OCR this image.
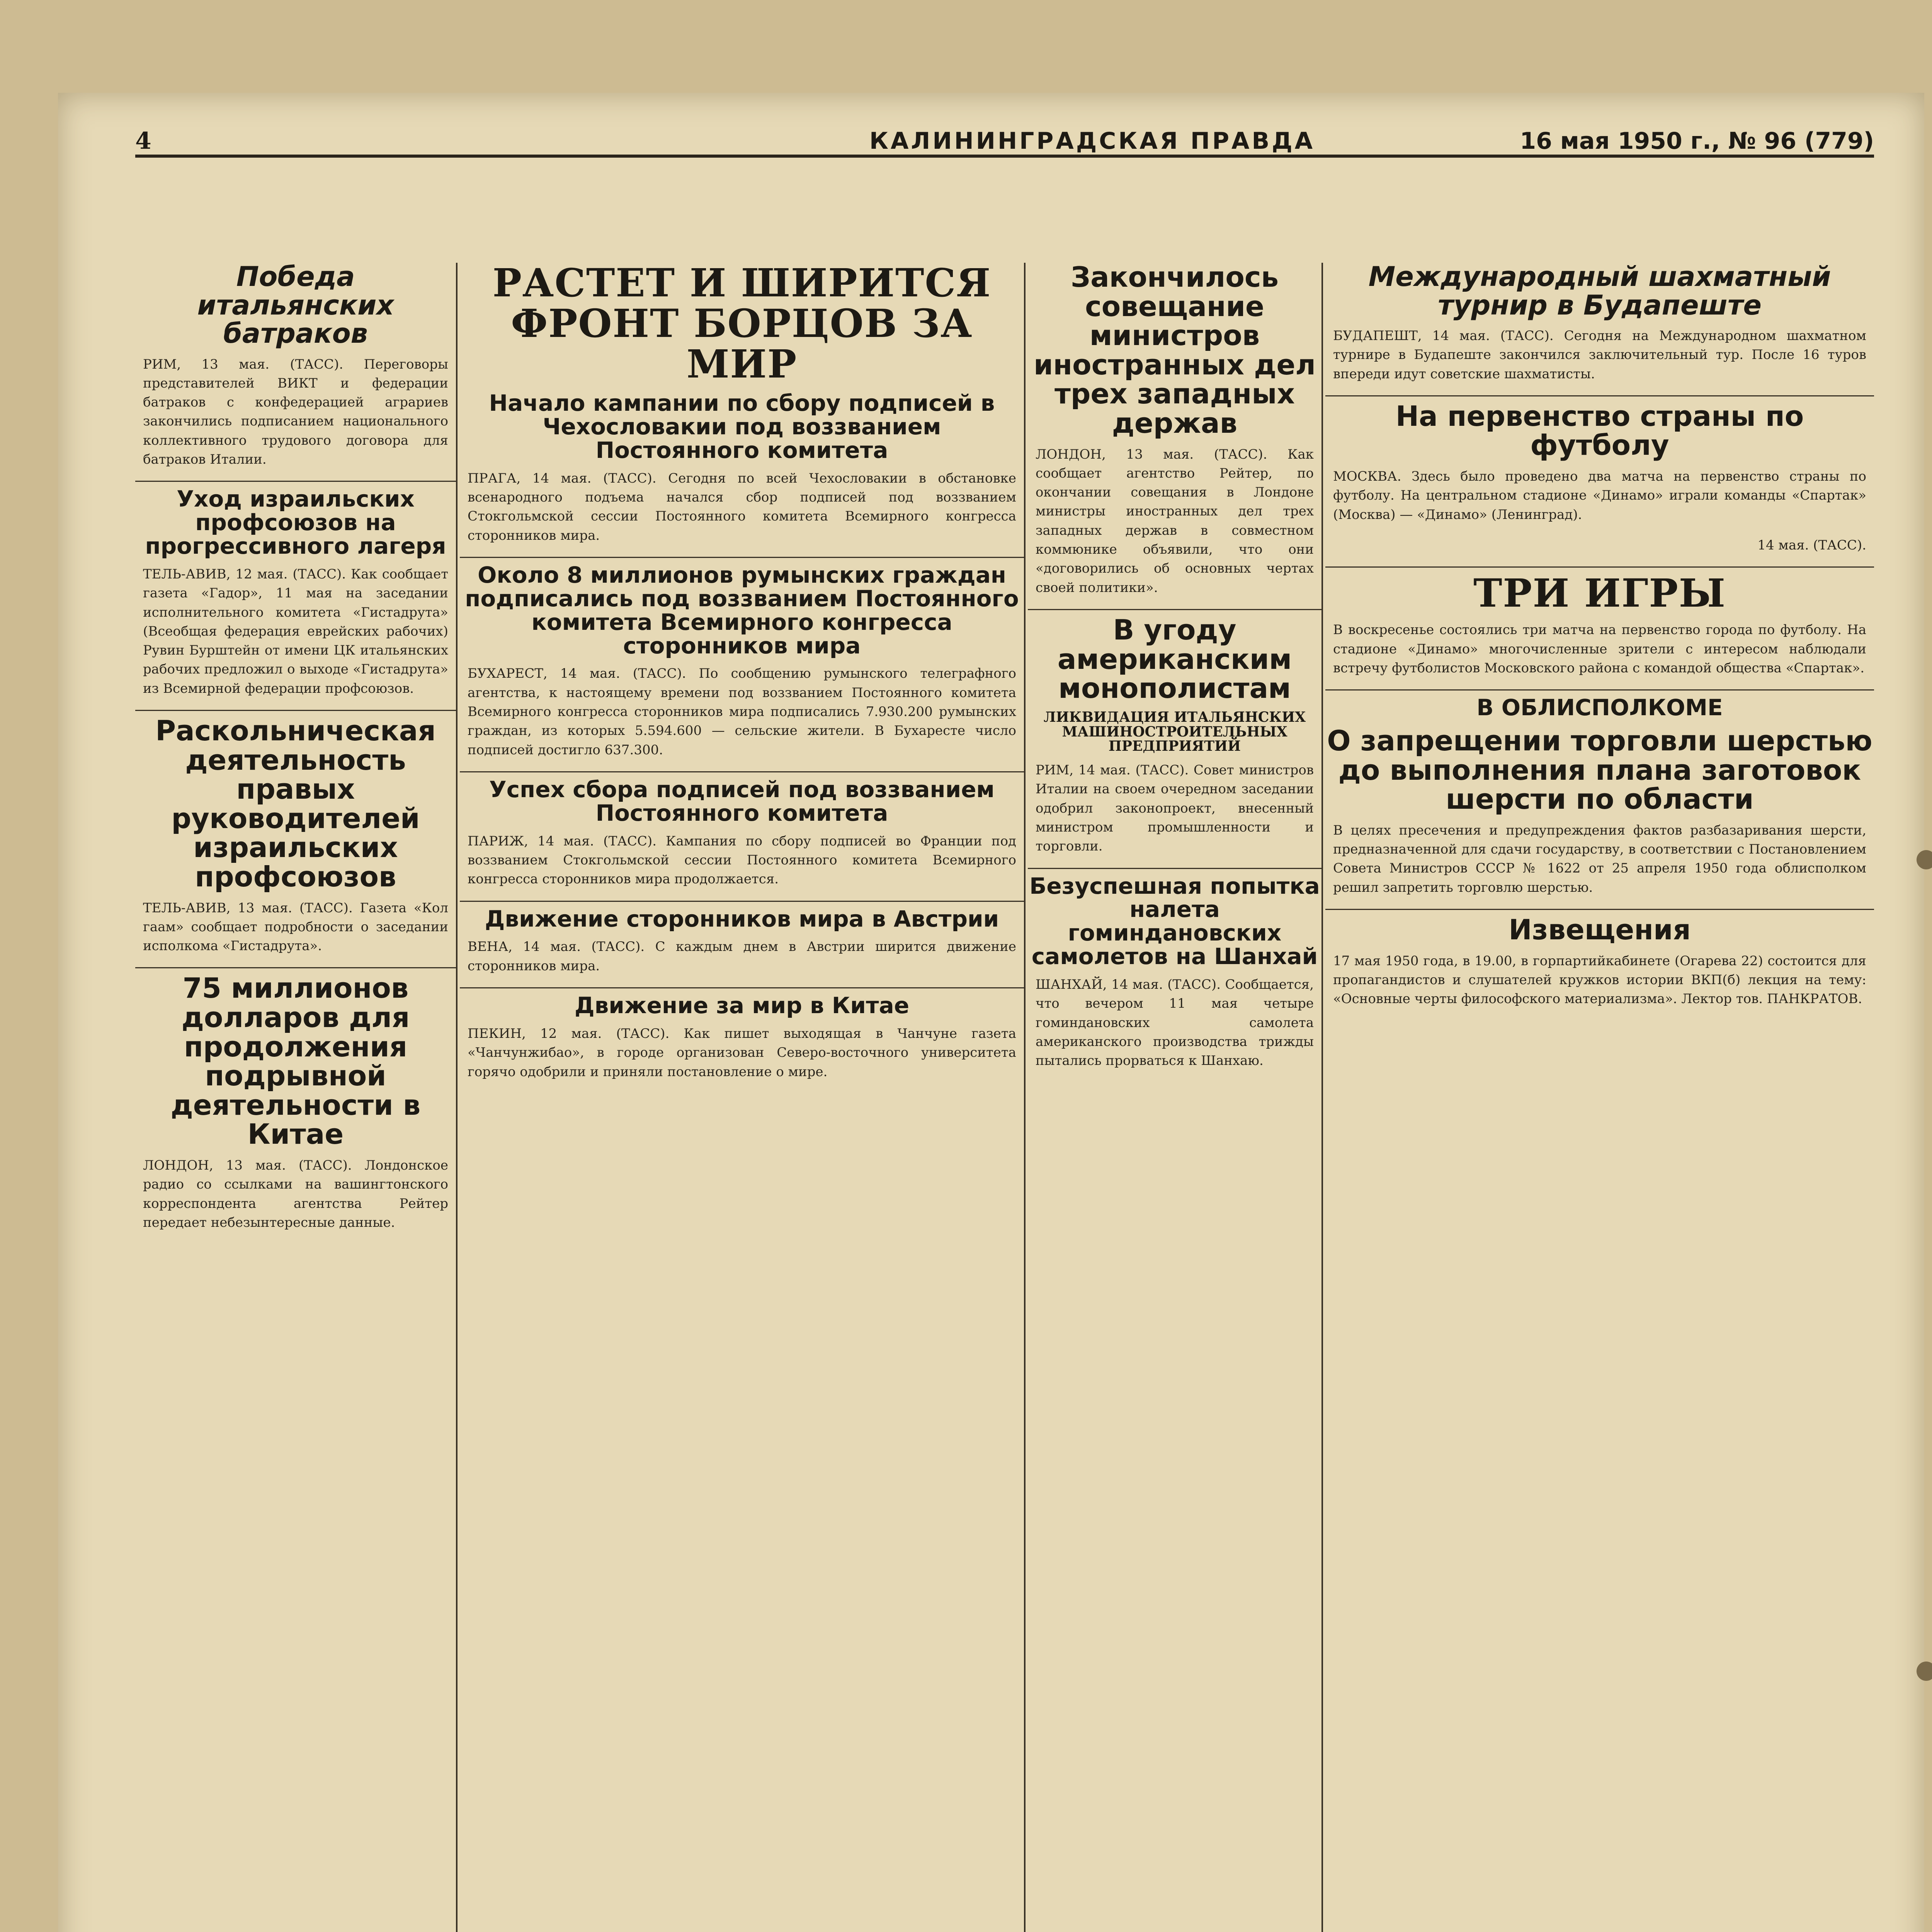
4	КАЛИНИНГРАДСКАЯ ПРАВДА	16 мая 1950 г., № 96 (779)
Победа итальянских батраков
РИМ, 13 мая. (ТАСС). Переговоры представителей ВИКТ и федерации батраков с конфедерацией аграриев закончились подписанием национального коллективного трудового договора для батраков Италии.
Уход израильских профсоюзов на прогрессивного лагеря
ТЕЛЬ-АВИВ, 12 мая. (ТАСС). Как сообщает газета «Гадор», 11 мая на заседании исполнительного комитета «Гистадрута» (Всеобщая федерация еврейских рабочих) Рувин Бурштейн от имени ЦК итальянских рабочих предложил о выходе «Гистадрута» из Всемирной федерации профсоюзов.
Раскольническая деятельность правых руководителей израильских профсоюзов
ТЕЛЬ-АВИВ, 13 мая. (ТАСС). Газета «Кол гаам» сообщает подробности о заседании исполкома «Гистадрута».
75 миллионов долларов для продолжения подрывной деятельности в Китае
ЛОНДОН, 13 мая. (ТАСС). Лондонское радио со ссылками на вашингтонского корреспондента агентства Рейтер передает небезынтересные данные.
РАСТЕТ И ШИРИТСЯ ФРОНТ БОРЦОВ ЗА МИР
Начало кампании по сбору подписей в Чехословакии под воззванием Постоянного комитета
ПРАГА, 14 мая. (ТАСС). Сегодня по всей Чехословакии в обстановке всенародного подъема начался сбор подписей под воззванием Стокгольмской сессии Постоянного комитета Всемирного конгресса сторонников мира.
Около 8 миллионов румынских граждан подписались под воззванием Постоянного комитета Всемирного конгресса сторонников мира
БУХАРЕСТ, 14 мая. (ТАСС). По сообщению румынского телеграфного агентства, к настоящему времени под воззванием Постоянного комитета Всемирного конгресса сторонников мира подписались 7.930.200 румынских граждан, из которых 5.594.600 — сельские жители. В Бухаресте число подписей достигло 637.300.
Успех сбора подписей под воззванием Постоянного комитета
ПАРИЖ, 14 мая. (ТАСС). Кампания по сбору подписей во Франции под воззванием Стокгольмской сессии Постоянного комитета Всемирного конгресса сторонников мира продолжается.
Движение сторонников мира в Австрии
ВЕНА, 14 мая. (ТАСС). С каждым днем в Австрии ширится движение сторонников мира.
Движение за мир в Китае
ПЕКИН, 12 мая. (ТАСС). Как пишет выходящая в Чанчуне газета «Чанчунжибао», в городе организован Северо-восточного университета горячо одобрили и приняли постановление о мире.
Закончилось совещание министров иностранных дел трех западных держав
ЛОНДОН, 13 мая. (ТАСС). Как сообщает агентство Рейтер, по окончании совещания в Лондоне министры иностранных дел трех западных держав в совместном коммюнике объявили, что они «договорились об основных чертах своей политики».
В угоду американским монополистам
ЛИКВИДАЦИЯ ИТАЛЬЯНСКИХ МАШИНОСТРОИТЕЛЬНЫХ ПРЕДПРИЯТИЙ
РИМ, 14 мая. (ТАСС). Совет министров Италии на своем очередном заседании одобрил законопроект, внесенный министром промышленности и торговли.
Безуспешная попытка налета гоминдановских самолетов на Шанхай
ШАНХАЙ, 14 мая. (ТАСС). Сообщается, что вечером 11 мая четыре гоминдановских самолета американского производства трижды пытались прорваться к Шанхаю.
Международный шахматный турнир в Будапеште
БУДАПЕШТ, 14 мая. (ТАСС). Сегодня на Международном шахматном турнире в Будапеште закончился заключительный тур. После 16 туров впереди идут советские шахматисты.
На первенство страны по футболу
МОСКВА. Здесь было проведено два матча на первенство страны по футболу. На центральном стадионе «Динамо» играли команды «Спартак» (Москва) — «Динамо» (Ленинград).
14 мая. (ТАСС).
ТРИ ИГРЫ
В воскресенье состоялись три матча на первенство города по футболу. На стадионе «Динамо» многочисленные зрители с интересом наблюдали встречу футболистов Московского района с командой общества «Спартак».
В ОБЛИСПОЛКОМЕ
О запрещении торговли шерстью до выполнения плана заготовок шерсти по области
В целях пресечения и предупреждения фактов разбазаривания шерсти, предназначенной для сдачи государству, в соответствии с Постановлением Совета Министров СССР № 1622 от 25 апреля 1950 года облисполком решил запретить торговлю шерстью.
Извещения
17 мая 1950 года, в 19.00, в горпартийкабинете (Огарева 22) состоится для пропагандистов и слушателей кружков истории ВКП(б) лекция на тему: «Основные черты философского материализма». Лектор тов. ПАНКРАТОВ.
